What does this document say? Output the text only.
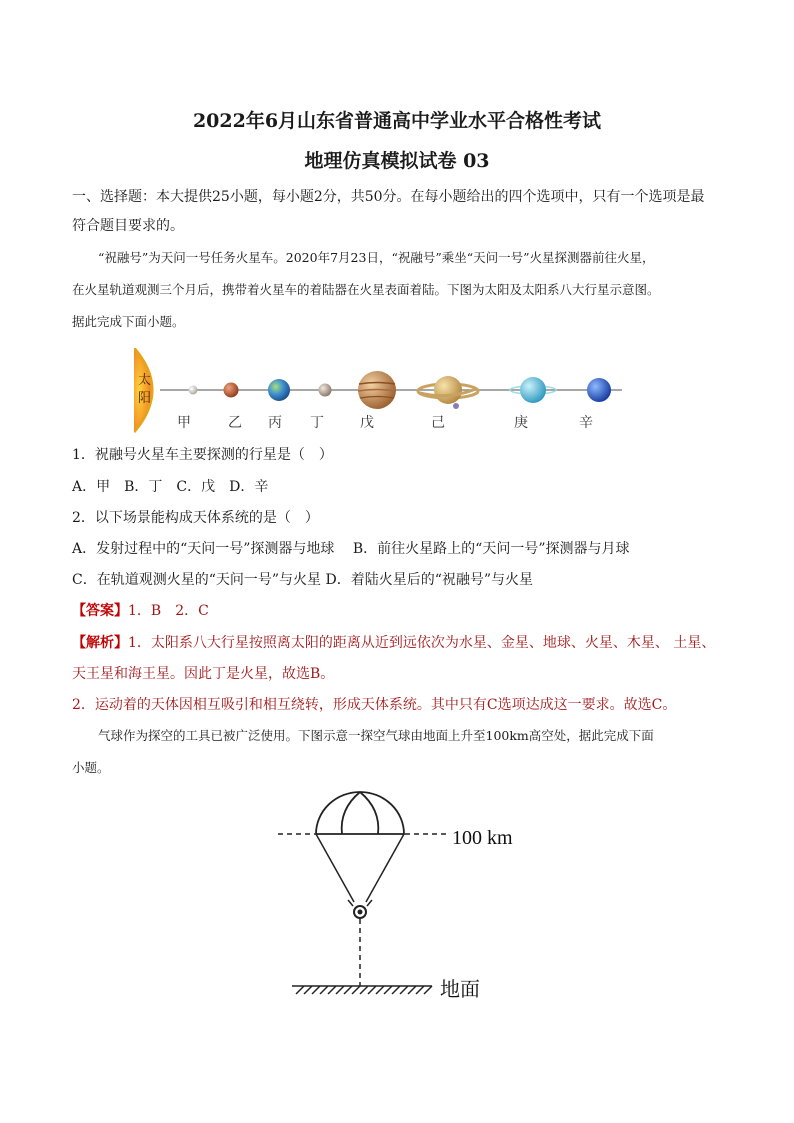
2022年6月山东省普通高中学业水平合格性考试
地理仿真模拟试卷 03
一、选择题：本大提供25小题，每小题2分，共50分。在每小题给出的四个选项中，只有一个选项是最
符合题目要求的。
“祝融号”为天问一号任务火星车。2020年7月23日，“祝融号”乘坐“天问一号”火星探测器前往火星，
在火星轨道观测三个月后，携带着火星车的着陆器在火星表面着陆。下图为太阳及太阳系八大行星示意图。
据此完成下面小题。
太
阳
甲	乙 丙 丁	戊	己	庚	辛
1．祝融号火星车主要探测的行星是（　）
A．甲　B．丁　C．戊　D．辛
2．以下场景能构成天体系统的是（　）
A．发射过程中的“天问一号”探测器与地球　 B．前往火星路上的“天问一号”探测器与月球
C．在轨道观测火星的“天问一号”与火星 D．着陆火星后的“祝融号”与火星
【答案】1．B　2．C
【解析】1．太阳系八大行星按照离太阳的距离从近到远依次为水星、金星、地球、火星、木星、 土星、
天王星和海王星。因此丁是火星，故选B。
2．运动着的天体因相互吸引和相互绕转，形成天体系统。其中只有C选项达成这一要求。故选C。
气球作为探空的工具已被广泛使用。下图示意一探空气球由地面上升至100km高空处，据此完成下面
小题。
100 km
地面
